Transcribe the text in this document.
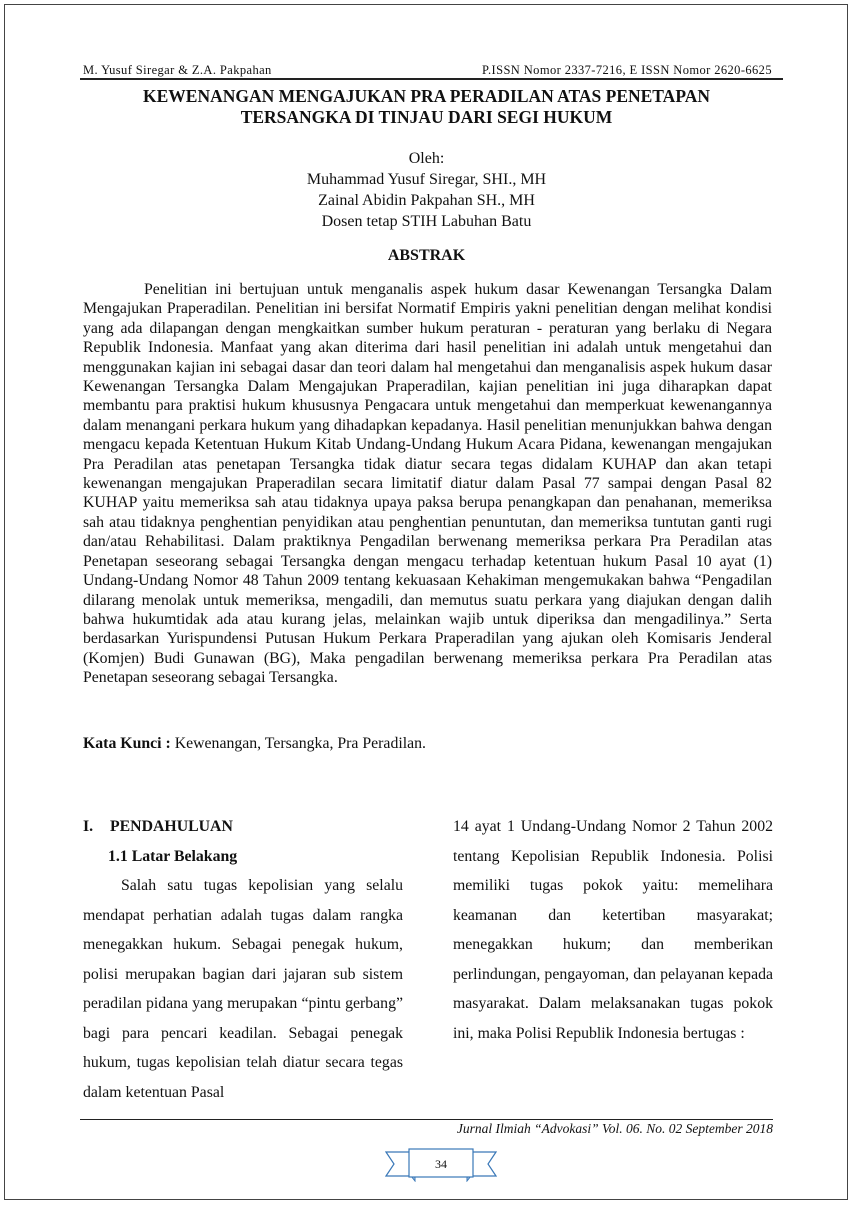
M. Yusuf Siregar & Z.A. Pakpahan	P.ISSN Nomor 2337-7216, E ISSN Nomor 2620-6625
KEWENANGAN MENGAJUKAN PRA PERADILAN ATAS PENETAPAN
TERSANGKA DI TINJAU DARI SEGI HUKUM
Oleh:
Muhammad Yusuf Siregar, SHI., MH
Zainal Abidin Pakpahan SH., MH
Dosen tetap STIH Labuhan Batu
ABSTRAK

Penelitian ini bertujuan untuk menganalis aspek hukum dasar Kewenangan Tersangka Dalam Mengajukan Praperadilan. Penelitian ini bersifat Normatif Empiris yakni penelitian dengan melihat kondisi yang ada dilapangan dengan mengkaitkan sumber hukum peraturan - peraturan yang berlaku di Negara Republik Indonesia. Manfaat yang akan diterima dari hasil penelitian ini adalah untuk mengetahui dan menggunakan kajian ini sebagai dasar dan teori dalam hal mengetahui dan menganalisis aspek hukum dasar Kewenangan Tersangka Dalam Mengajukan Praperadilan, kajian penelitian ini juga diharapkan dapat membantu para praktisi hukum khususnya Pengacara untuk mengetahui dan memperkuat kewenangannya dalam menangani perkara hukum yang dihadapkan kepadanya. Hasil penelitian menunjukkan bahwa dengan mengacu kepada Ketentuan Hukum Kitab Undang-Undang Hukum Acara Pidana, kewenangan mengajukan Pra Peradilan atas penetapan Tersangka tidak diatur secara tegas didalam KUHAP dan akan tetapi kewenangan mengajukan Praperadilan secara limitatif diatur dalam Pasal 77 sampai dengan Pasal 82 KUHAP yaitu memeriksa sah atau tidaknya upaya paksa berupa penangkapan dan penahanan, memeriksa sah atau tidaknya penghentian penyidikan atau penghentian penuntutan, dan memeriksa tuntutan ganti rugi dan/atau Rehabilitasi. Dalam praktiknya Pengadilan berwenang memeriksa perkara Pra Peradilan atas Penetapan seseorang sebagai Tersangka dengan mengacu terhadap ketentuan hukum Pasal 10 ayat (1) Undang-Undang Nomor 48 Tahun 2009 tentang kekuasaan Kehakiman mengemukakan bahwa “Pengadilan dilarang menolak untuk memeriksa, mengadili, dan memutus suatu perkara yang diajukan dengan dalih bahwa hukumtidak ada atau kurang jelas, melainkan wajib untuk diperiksa dan mengadilinya.” Serta berdasarkan Yurispundensi Putusan Hukum Perkara Praperadilan yang ajukan oleh Komisaris Jenderal (Komjen) Budi Gunawan (BG), Maka pengadilan berwenang memeriksa perkara Pra Peradilan atas Penetapan seseorang sebagai Tersangka.

Kata Kunci : Kewenangan, Tersangka, Pra Peradilan.
I.	PENDAHULUAN
1.1 Latar Belakang

Salah satu tugas kepolisian yang selalu mendapat perhatian adalah tugas dalam rangka menegakkan hukum. Sebagai penegak hukum, polisi merupakan bagian dari jajaran sub sistem peradilan pidana yang merupakan “pintu gerbang” bagi para pencari keadilan. Sebagai penegak hukum, tugas kepolisian telah diatur secara tegas dalam ketentuan Pasal

14 ayat 1 Undang-Undang Nomor 2 Tahun 2002 tentang Kepolisian Republik Indonesia. Polisi memiliki tugas pokok yaitu: memelihara keamanan dan ketertiban masyarakat; menegakkan hukum; dan memberikan perlindungan, pengayoman, dan pelayanan kepada masyarakat. Dalam melaksanakan tugas pokok ini, maka Polisi Republik Indonesia bertugas :

Jurnal Ilmiah “Advokasi” Vol. 06. No. 02 September 2018
34
